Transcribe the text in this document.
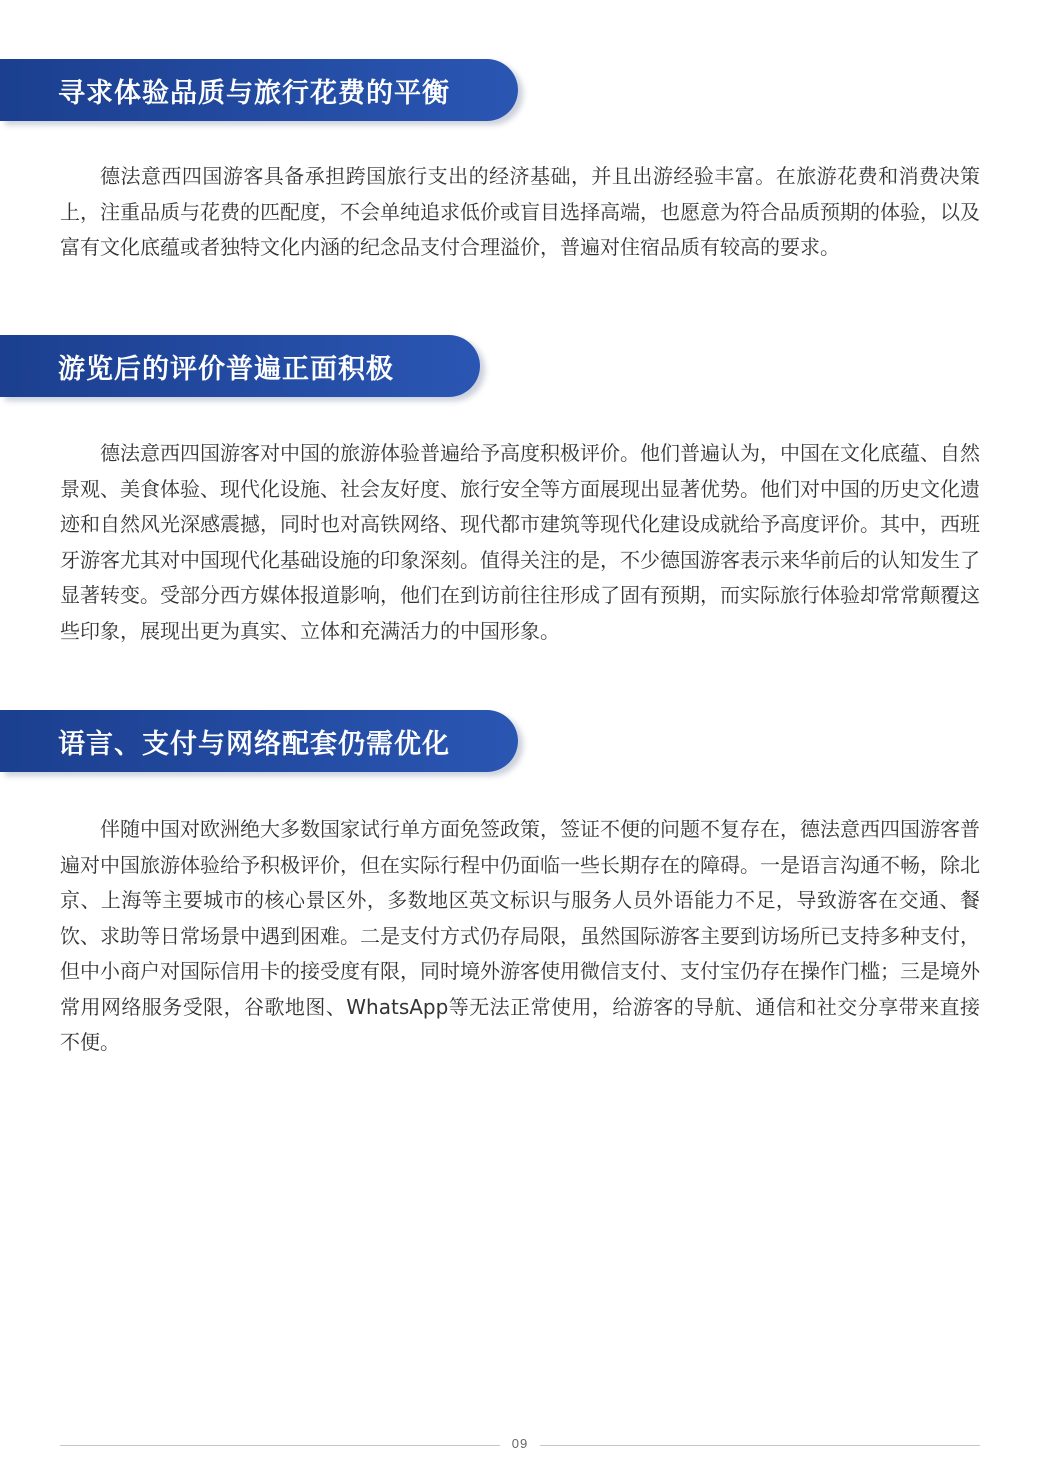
寻求体验品质与旅行花费的平衡

德法意西四国游客具备承担跨国旅行支出的经济基础，并且出游经验丰富。在旅游花费和消费决策上，注重品质与花费的匹配度，不会单纯追求低价或盲目选择高端，也愿意为符合品质预期的体验，以及富有文化底蕴或者独特文化内涵的纪念品支付合理溢价，普遍对住宿品质有较高的要求。

游览后的评价普遍正面积极

德法意西四国游客对中国的旅游体验普遍给予高度积极评价。他们普遍认为，中国在文化底蕴、自然景观、美食体验、现代化设施、社会友好度、旅行安全等方面展现出显著优势。他们对中国的历史文化遗迹和自然风光深感震撼，同时也对高铁网络、现代都市建筑等现代化建设成就给予高度评价。其中，西班牙游客尤其对中国现代化基础设施的印象深刻。值得关注的是，不少德国游客表示来华前后的认知发生了显著转变。受部分西方媒体报道影响，他们在到访前往往形成了固有预期，而实际旅行体验却常常颠覆这些印象，展现出更为真实、立体和充满活力的中国形象。

语言、支付与网络配套仍需优化

伴随中国对欧洲绝大多数国家试行单方面免签政策，签证不便的问题不复存在，德法意西四国游客普遍对中国旅游体验给予积极评价，但在实际行程中仍面临一些长期存在的障碍。一是语言沟通不畅，除北京、上海等主要城市的核心景区外，多数地区英文标识与服务人员外语能力不足，导致游客在交通、餐饮、求助等日常场景中遇到困难。二是支付方式仍存局限，虽然国际游客主要到访场所已支持多种支付，但中小商户对国际信用卡的接受度有限，同时境外游客使用微信支付、支付宝仍存在操作门槛；三是境外常用网络服务受限，谷歌地图、WhatsApp等无法正常使用，给游客的导航、通信和社交分享带来直接不便。

09
